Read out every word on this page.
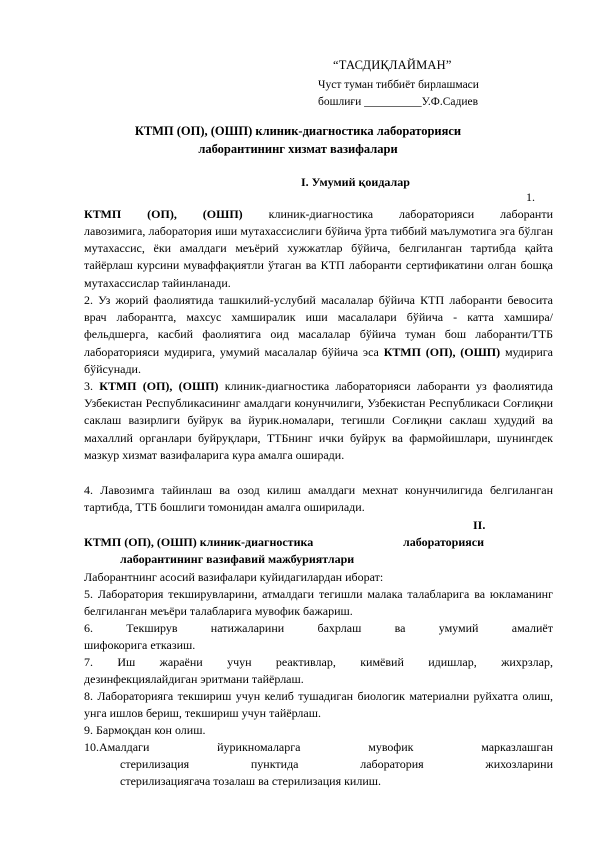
“ТАСДИҚЛАЙМАН”
Чуст туман тиббиёт бирлашмаси
бошлиғи __________У.Ф.Садиев
КТМП (ОП), (ОШП) клиник-диагностика лабораторияси
лаборантининг хизмат вазифалари
I. Умумий қоидалар
1.
КТМП (ОП), (ОШП) клиник-диагностика лабораторияси лаборанти

лавозимига, лаборатория иши мутахассислиги бўйича ўрта тиббий маълумотига эга бўлган мутахассис, ёки амалдаги меъёрий хужжатлар бўйича, белгиланган тартибда қайта тайёрлаш курсини муваффақиятли ўтаган ва КТП лаборанти сертификатини олган бошқа мутахассислар тайинланади.

2. Уз жорий фаолиятида ташкилий-услубий масалалар бўйича КТП лаборанти бевосита врач лаборантга, махсус хамширалик иши масалалари бўйича - катта хамшира/фельдшерга, касбий фаолиятига оид масалалар бўйича туман бош лаборанти/ТТБ лабораторияси мудирига, умумий масалалар бўйича эса КТМП (ОП), (ОШП) мудирига бўйсунади.

3. КТМП (ОП), (ОШП) клиник-диагностика лабораторияси лаборанти уз фаолиятида Узбекистан Республикасининг амалдаги конунчилиги, Узбекистан Республикаси Соғлиқни саклаш вазирлиги буйрук ва йурик.номалари, тегишли Соғлиқни саклаш худудий ва махаллий органлари буйруқлари, ТТБнинг ички буйрук ва фармойишлари, шунингдек мазкур хизмат вазифаларига кура амалга оширади.

4. Лавозимга тайинлаш ва озод килиш амалдаги мехнат конунчилигида белгиланган тартибда, ТТБ бошлиги томонидан амалга оширилади.

II.
КТМП (ОП), (ОШП) клиник-диагностика	лабораторияси
лаборантининг вазифавий мажбуриятлари
Лаборантнинг асосий вазифалари куйидагилардан иборат:

5. Лаборатория текширувларини, атмалдаги тегишли малака талабларига ва юкламанинг белгиланган меъёри талабларига мувофик бажариш.

6. Текширув натижаларини бахрлаш ва умумий амалиёт
шифокорига етказиш.
7. Иш жараёни учун реактивлар, кимёвий идишлар, жихрзлар,
дезинфекциялайдиган эритмани тайёрлаш.

8. Лабораторияга текшириш учун келиб тушадиган биологик материални руйхатга олиш, унга ишлов бериш, текшириш учун тайёрлаш.

9. Бармоқдан кон олиш.
10.Амалдаги йурикномаларга мувофик марказлашган
стерилизация пунктида лаборатория жихозларини
стерилизациягача тозалаш ва стерилизация килиш.
